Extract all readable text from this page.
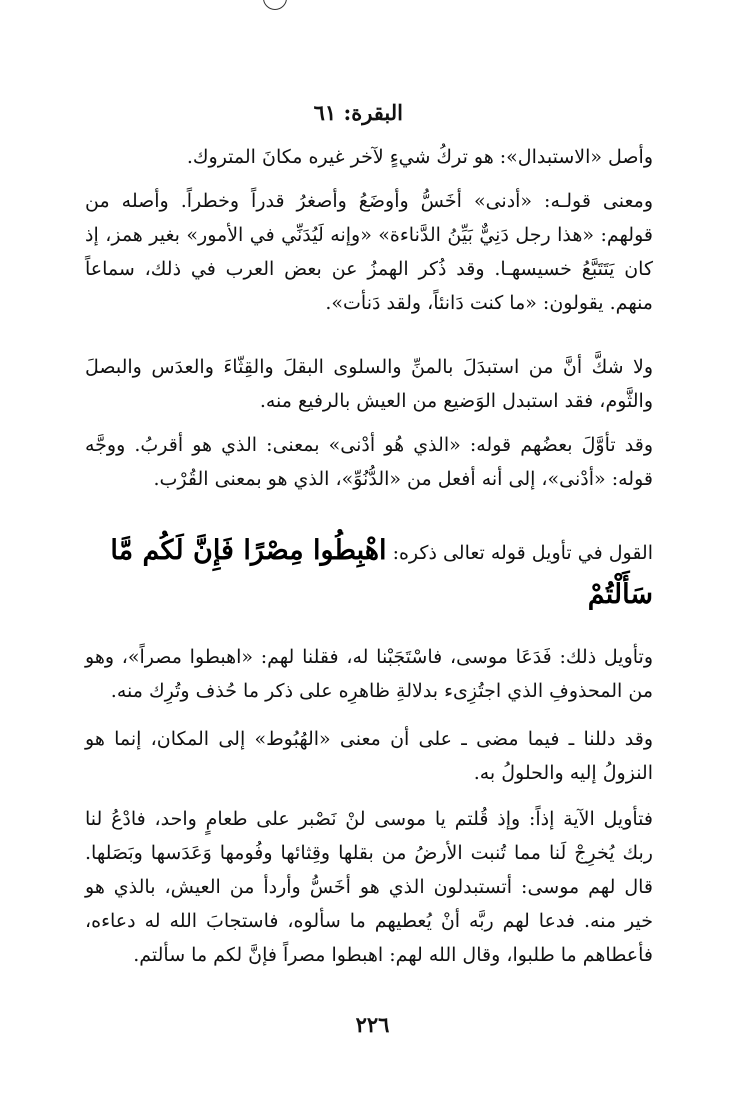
البقرة: ٦١

وأصل «الاستبدال»: هو تركُ شيءٍ لآخر غيره مكانَ المتروك.

ومعنى قولـه: «أدنى» أخَسُّ وأوضَعُ وأصغرُ قدراً وخطراً. وأصله من قولهم: «هذا رجل دَنِيٌّ بَيِّنُ الدَّناءة» «وإنه لَيُدَنِّي في الأمور» بغير همز، إذ كان يَتَتَبَّعُ خسيسهـا. وقد ذُكر الهمزُ عن بعض العرب في ذلك، سماعاً منهم. يقولون: «ما كنت دَانئاً، ولقد دَنأت».

ولا شكَّ أنَّ من استبدَلَ بالمنِّ والسلوى البقلَ والقِثّاءَ والعدَس والبصلَ والثَّوم، فقد استبدل الوَضيع من العيش بالرفيع منه.

وقد تأوَّلَ بعضُهم قوله: «الذي هُو أدْنى» بمعنى: الذي هو أقربُ. ووجَّه قوله: «أدْنى»، إلى أنه أفعل من «الدُّنُوِّ»، الذي هو بمعنى القُرْب.

القول في تأويل قوله تعالى ذكره: اهْبِطُوا مِصْرًا فَإِنَّ لَكُم مَّا سَأَلْتُمْ

وتأويل ذلك: فَدَعَا موسى، فاسْتَجَبْنا له، فقلنا لهم: «اهبطوا مصراً»، وهو من المحذوفِ الذي اجتُزِىء بدلالةِ ظاهرِه على ذكر ما حُذف وتُرِك منه.

وقد دللنا ـ فيما مضى ـ على أن معنى «الهُبُوط» إلى المكان، إنما هو النزولُ إليه والحلولُ به.

فتأويل الآية إذاً: وإذ قُلتم يا موسى لنْ نَصْبر على طعامٍ واحد، فادْعُ لنا ربك يُخرِجْ لَنا مما تُنبت الأرضُ من بقلها وقِثائها وفُومها وَعَدَسها وبَصَلها. قال لهم موسى: أتستبدلون الذي هو أخَسُّ وأردأ من العيش، بالذي هو خير منه. فدعا لهم ربَّه أنْ يُعطيهم ما سألوه، فاستجابَ الله له دعاءه، فأعطاهم ما طلبوا، وقال الله لهم: اهبطوا مصراً فإنَّ لكم ما سألتم.

٢٢٦
